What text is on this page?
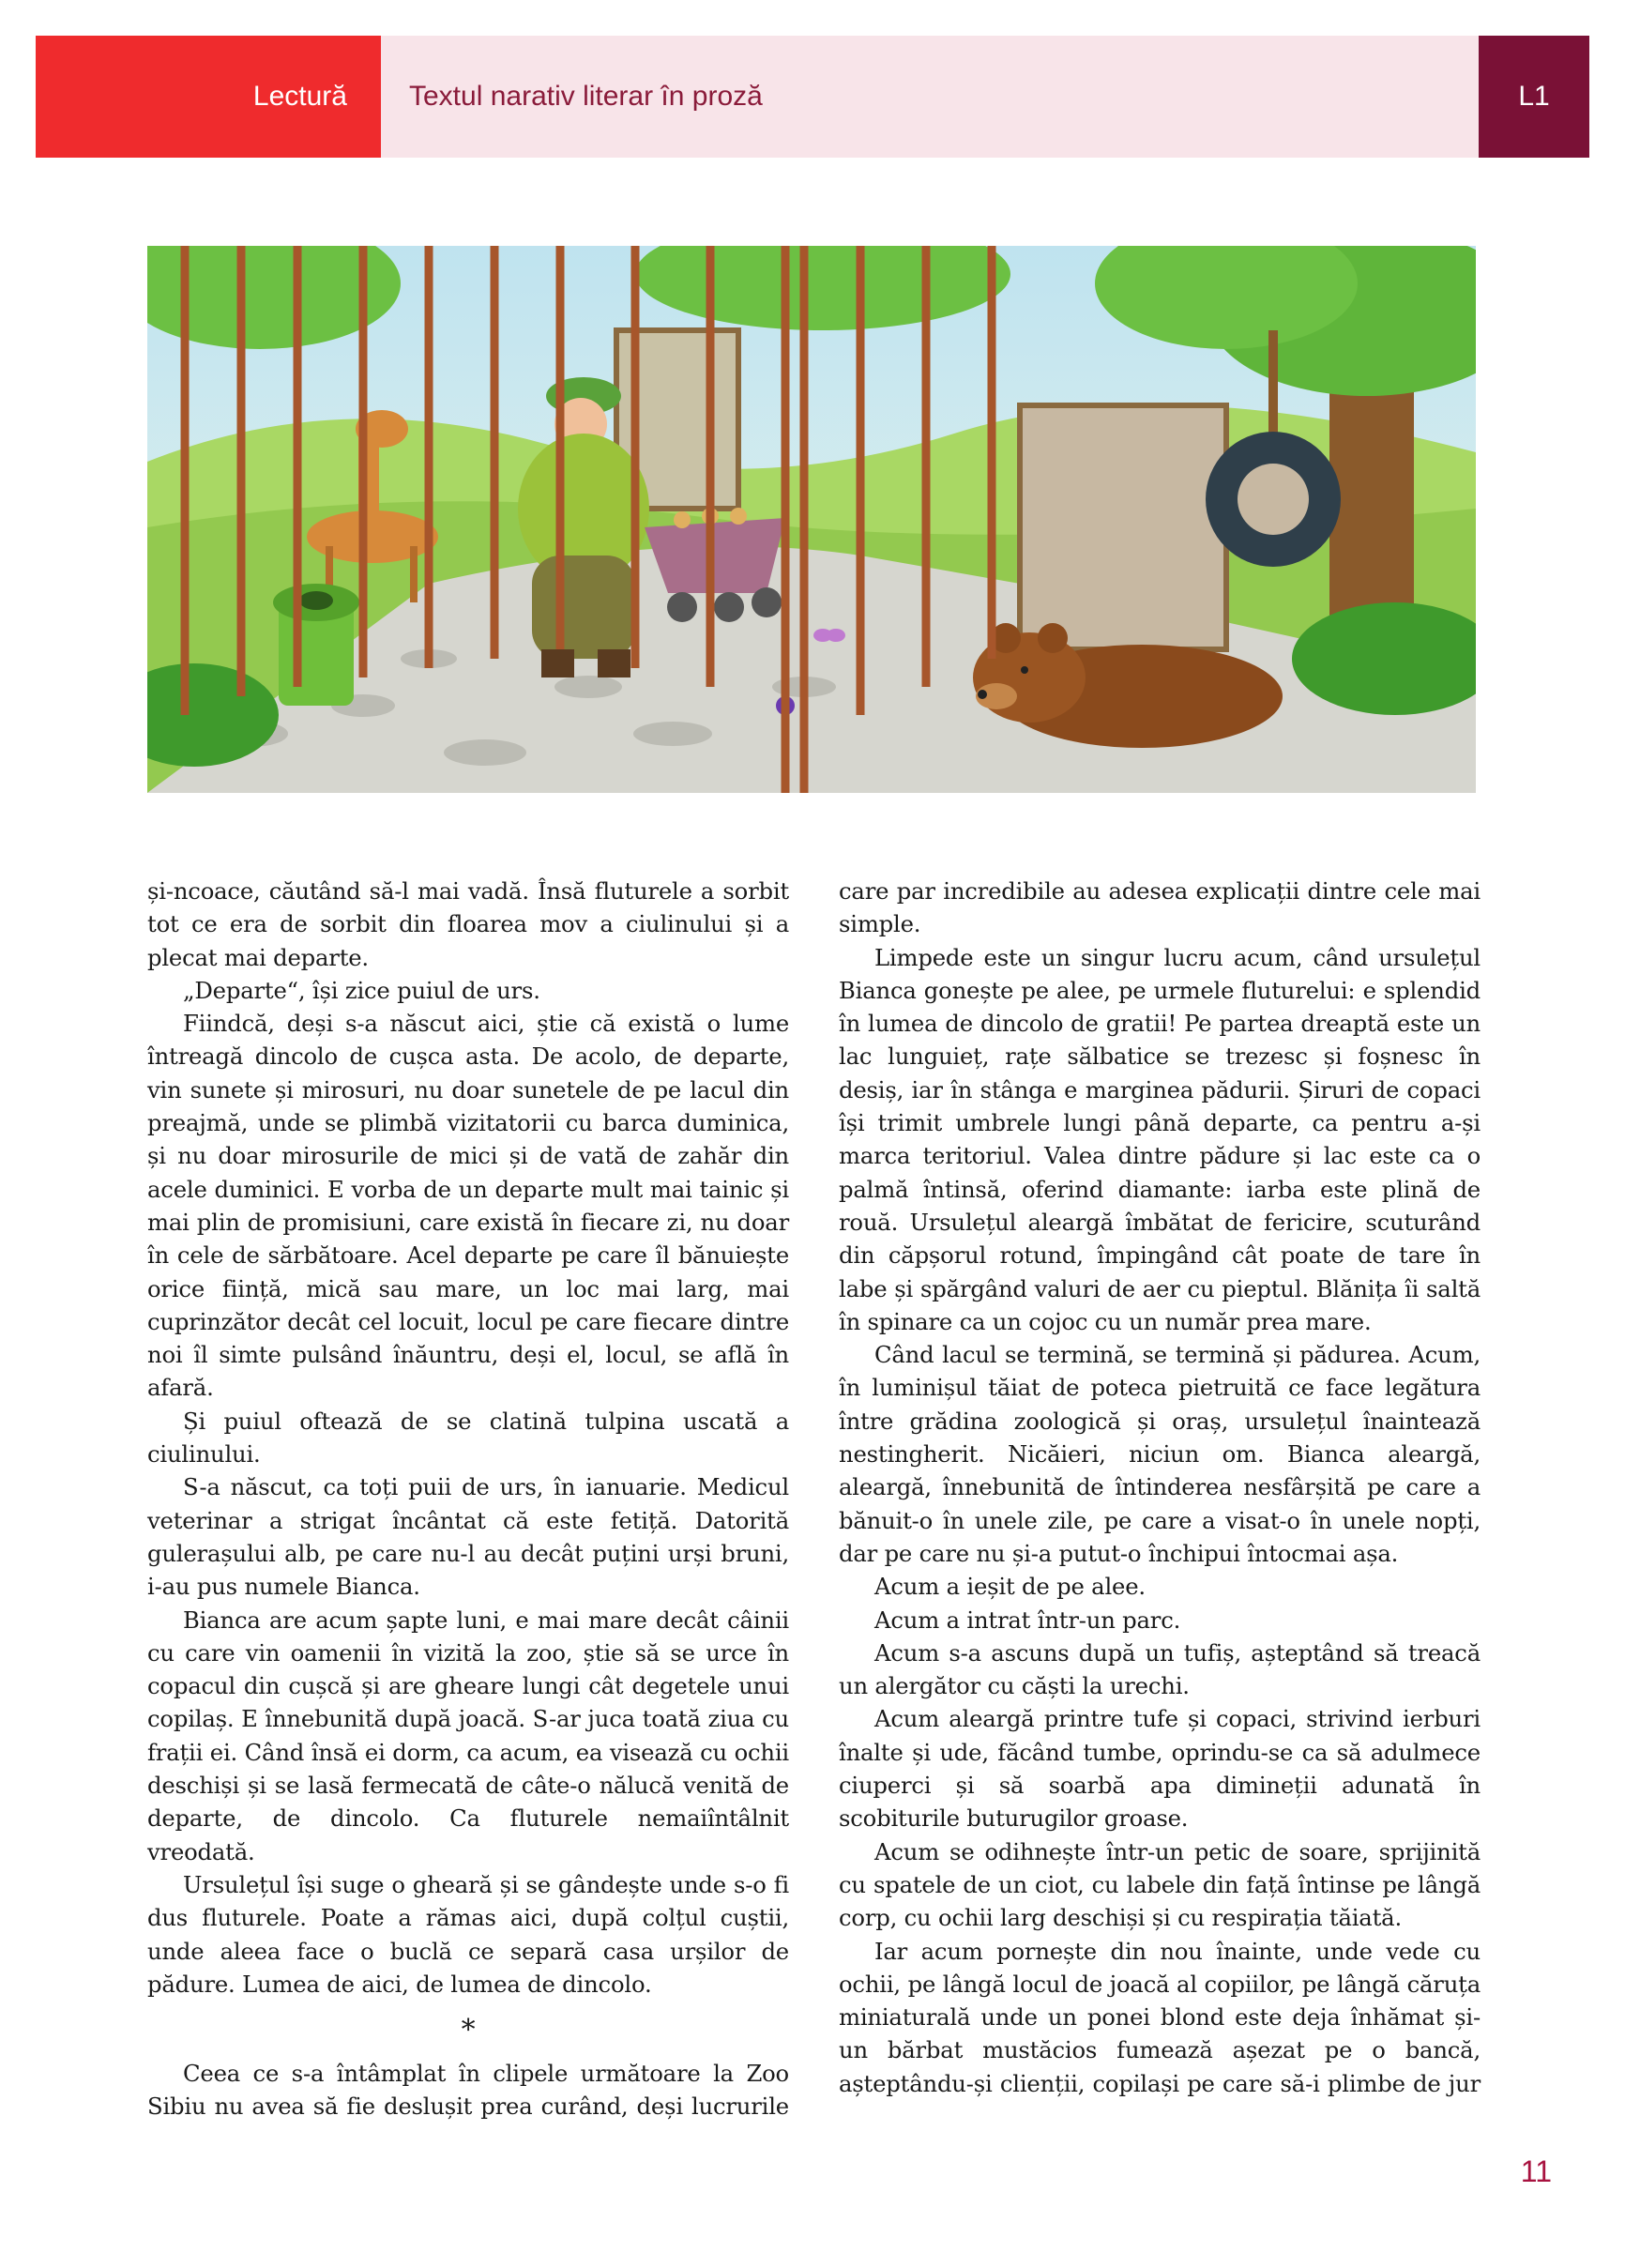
Lectură Textul narativ literar în proză	L1

și-ncoace, căutând să-l mai vadă. Însă fluturele a sorbit tot ce era de sorbit din floarea mov a ciulinului și a plecat mai departe.

„Departe“, își zice puiul de urs.

Fiindcă, deși s-a născut aici, știe că există o lume întreagă dincolo de cușca asta. De acolo, de departe, vin sunete și mirosuri, nu doar sunetele de pe lacul din preajmă, unde se plimbă vizitatorii cu barca duminica, și nu doar mirosurile de mici și de vată de zahăr din acele duminici. E vorba de un departe mult mai tainic și mai plin de promisiuni, care există în fiecare zi, nu doar în cele de sărbătoare. Acel departe pe care îl bănuiește orice ființă, mică sau mare, un loc mai larg, mai cuprinzător decât cel locuit, locul pe care fiecare dintre noi îl simte pulsând înăuntru, deși el, locul, se află în afară.

Și puiul oftează de se clatină tulpina uscată a ciulinului.

S-a născut, ca toți puii de urs, în ianuarie. Medicul veterinar a strigat încântat că este fetiță. Datorită gulerașului alb, pe care nu-l au decât puțini urși bruni, i-au pus numele Bianca.

Bianca are acum șapte luni, e mai mare decât câinii cu care vin oamenii în vizită la zoo, știe să se urce în copacul din cușcă și are gheare lungi cât degetele unui copilaș. E înnebunită după joacă. S-ar juca toată ziua cu frații ei. Când însă ei dorm, ca acum, ea visează cu ochii deschiși și se lasă fermecată de câte-o nălucă venită de departe, de dincolo. Ca fluturele nemaiîntâlnit vreodată.

Ursulețul își suge o gheară și se gândește unde s-o fi dus fluturele. Poate a rămas aici, după colțul cuștii, unde aleea face o buclă ce separă casa urșilor de pădure. Lumea de aici, de lumea de dincolo.

*

Ceea ce s-a întâmplat în clipele următoare la Zoo Sibiu nu avea să fie deslușit prea curând, deși lucrurile

care par incredibile au adesea explicații dintre cele mai simple.

Limpede este un singur lucru acum, când ursulețul Bianca gonește pe alee, pe urmele fluturelui: e splendid în lumea de dincolo de gratii! Pe partea dreaptă este un lac lunguieț, rațe sălbatice se trezesc și foșnesc în desiș, iar în stânga e marginea pădurii. Șiruri de copaci își trimit umbrele lungi până departe, ca pentru a-și marca teritoriul. Valea dintre pădure și lac este ca o palmă întinsă, oferind diamante: iarba este plină de rouă. Ursulețul aleargă îmbătat de fericire, scuturând din căpșorul rotund, împingând cât poate de tare în labe și spărgând valuri de aer cu pieptul. Blănița îi saltă în spinare ca un cojoc cu un număr prea mare.

Când lacul se termină, se termină și pădurea. Acum, în luminișul tăiat de poteca pietruită ce face legătura între grădina zoologică și oraș, ursulețul înaintează nestingherit. Nicăieri, niciun om. Bianca aleargă, aleargă, înnebunită de întinderea nesfârșită pe care a bănuit-o în unele zile, pe care a visat-o în unele nopți, dar pe care nu și-a putut-o închipui întocmai așa.

Acum a ieșit de pe alee.

Acum a intrat într-un parc.

Acum s-a ascuns după un tufiș, așteptând să treacă un alergător cu căști la urechi.

Acum aleargă printre tufe și copaci, strivind ierburi înalte și ude, făcând tumbe, oprindu-se ca să adulmece ciuperci și să soarbă apa dimineții adunată în scobiturile buturugilor groase.

Acum se odihnește într-un petic de soare, sprijinită cu spatele de un ciot, cu labele din față întinse pe lângă corp, cu ochii larg deschiși și cu respirația tăiată.

Iar acum pornește din nou înainte, unde vede cu ochii, pe lângă locul de joacă al copiilor, pe lângă căruța miniaturală unde un ponei blond este deja înhămat și-un bărbat mustăcios fumează așezat pe o bancă, așteptându-și clienții, copilași pe care să-i plimbe de jur

11
